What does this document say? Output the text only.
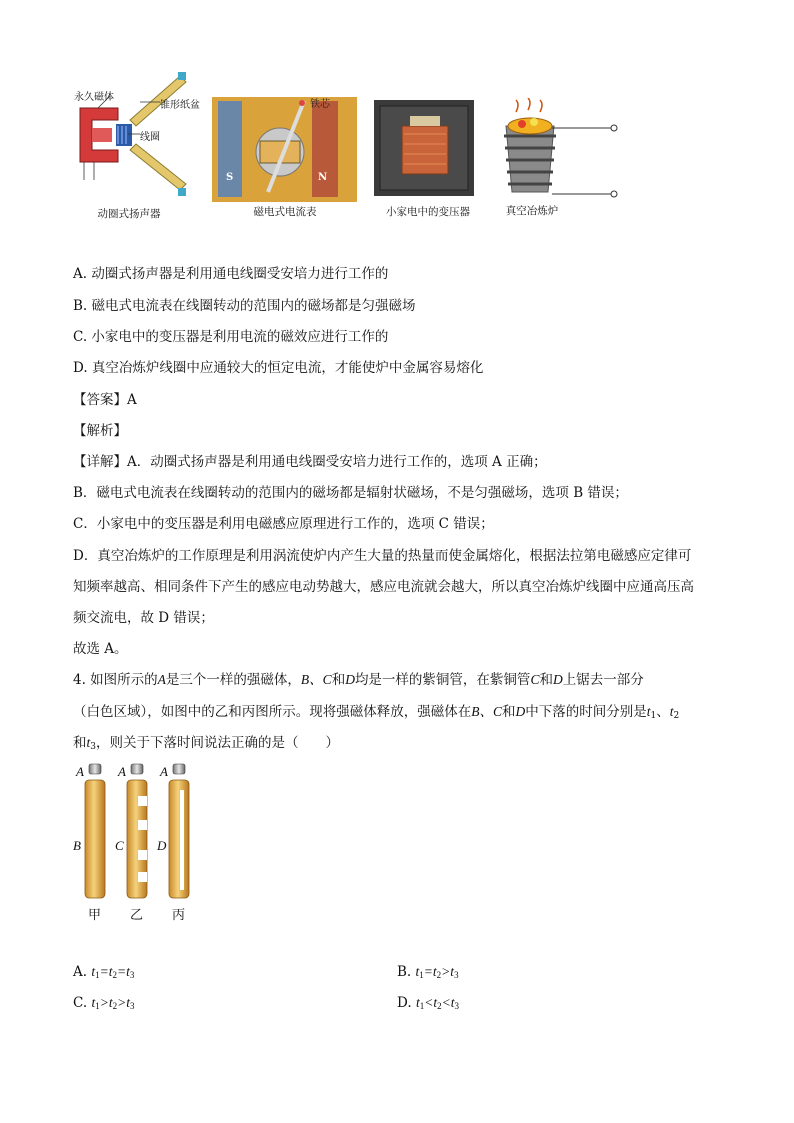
永久磁体
锥形纸盆
线圈
动圈式扬声器
铁芯
S	N
磁电式电流表	小家电中的变压器	真空冶炼炉
A. 动圈式扬声器是利用通电线圈受安培力进行工作的
B. 磁电式电流表在线圈转动的范围内的磁场都是匀强磁场
C. 小家电中的变压器是利用电流的磁效应进行工作的
D. 真空冶炼炉线圈中应通较大的恒定电流，才能使炉中金属容易熔化
【答案】A
【解析】
【详解】A．动圈式扬声器是利用通电线圈受安培力进行工作的，选项 A 正确；
B．磁电式电流表在线圈转动的范围内的磁场都是辐射状磁场，不是匀强磁场，选项 B 错误；
C．小家电中的变压器是利用电磁感应原理进行工作的，选项 C 错误；
D．真空冶炼炉的工作原理是利用涡流使炉内产生大量的热量而使金属熔化，根据法拉第电磁感应定律可
知频率越高、相同条件下产生的感应电动势越大，感应电流就会越大，所以真空冶炼炉线圈中应通高压高
频交流电，故 D 错误；
故选 A。
4. 如图所示的A是三个一样的强磁体，B、C和D均是一样的紫铜管，在紫铜管C和D上锯去一部分
（白色区域），如图中的乙和丙图所示。现将强磁体释放，强磁体在B、C和D中下落的时间分别是$t_1$、$t_2$
和$t_3$，则关于下落时间说法正确的是（　　）
A	A	A
B	C	D
甲 乙 丙
A. $t_1=t_2=t_3$	B. $t_1=t_2>t_3$
C. $t_1>t_2>t_3$	D. $t_1<t_2<t_3$
